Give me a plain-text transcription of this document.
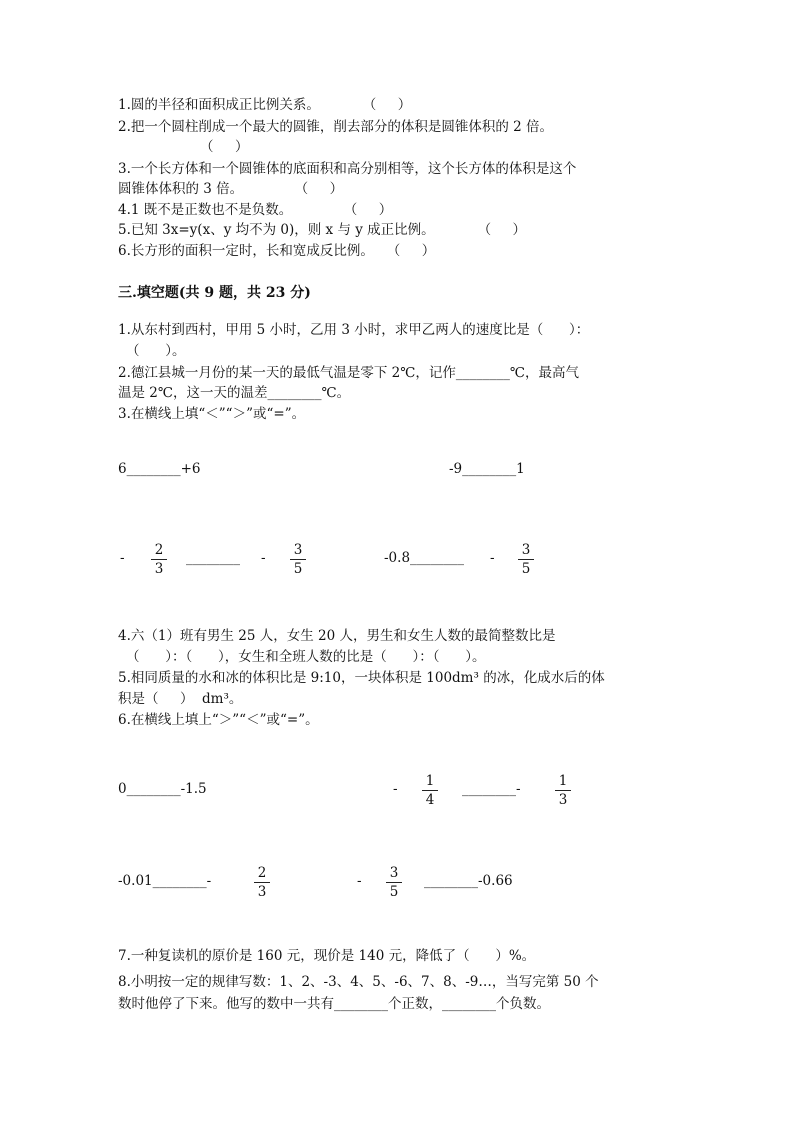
1.圆的半径和面积成正比例关系。          （     ）
2.把一个圆柱削成一个最大的圆锥，削去部分的体积是圆锥体积的 2 倍。
（     ）
3.一个长方体和一个圆锥体的底面积和高分别相等，这个长方体的体积是这个
圆锥体体积的 3 倍。            （     ）
4.1 既不是正数也不是负数。            （     ）
5.已知 3x=y(x、y 均不为 0)，则 x 与 y 成正比例。          （     ）
6.长方形的面积一定时，长和宽成反比例。   （     ）
三.填空题(共 9 题，共 23 分)
1.从东村到西村，甲用 5 小时，乙用 3 小时，求甲乙两人的速度比是（      ）：
（      ）。
2.德江县城一月份的某一天的最低气温是零下 2℃，记作________℃，最高气
温是 2℃，这一天的温差________℃。
3.在横线上填“＜”“＞”或“=”。
6________+6	-9________1
- 2
3
________ - 3
5
-0.8________ - 3
5
4.六（1）班有男生 25 人，女生 20 人，男生和女生人数的最简整数比是
（      ）：（      ），女生和全班人数的比是（      ）：（      ）。
5.相同质量的水和冰的体积比是 9:10，一块体积是 100dm³ 的冰，化成水后的体
积是（     ）  dm³。
6.在横线上填上“＞”“＜”或“=”。
0________-1.5	- 1
4
________-	1
3
-0.01________-	2
3
- 3
5
________-0.66
7.一种复读机的原价是 160 元，现价是 140 元，降低了（      ）%。
8.小明按一定的规律写数：1、2、-3、4、5、-6、7、8、-9…，当写完第 50 个
数时他停了下来。他写的数中一共有________个正数，________个负数。
